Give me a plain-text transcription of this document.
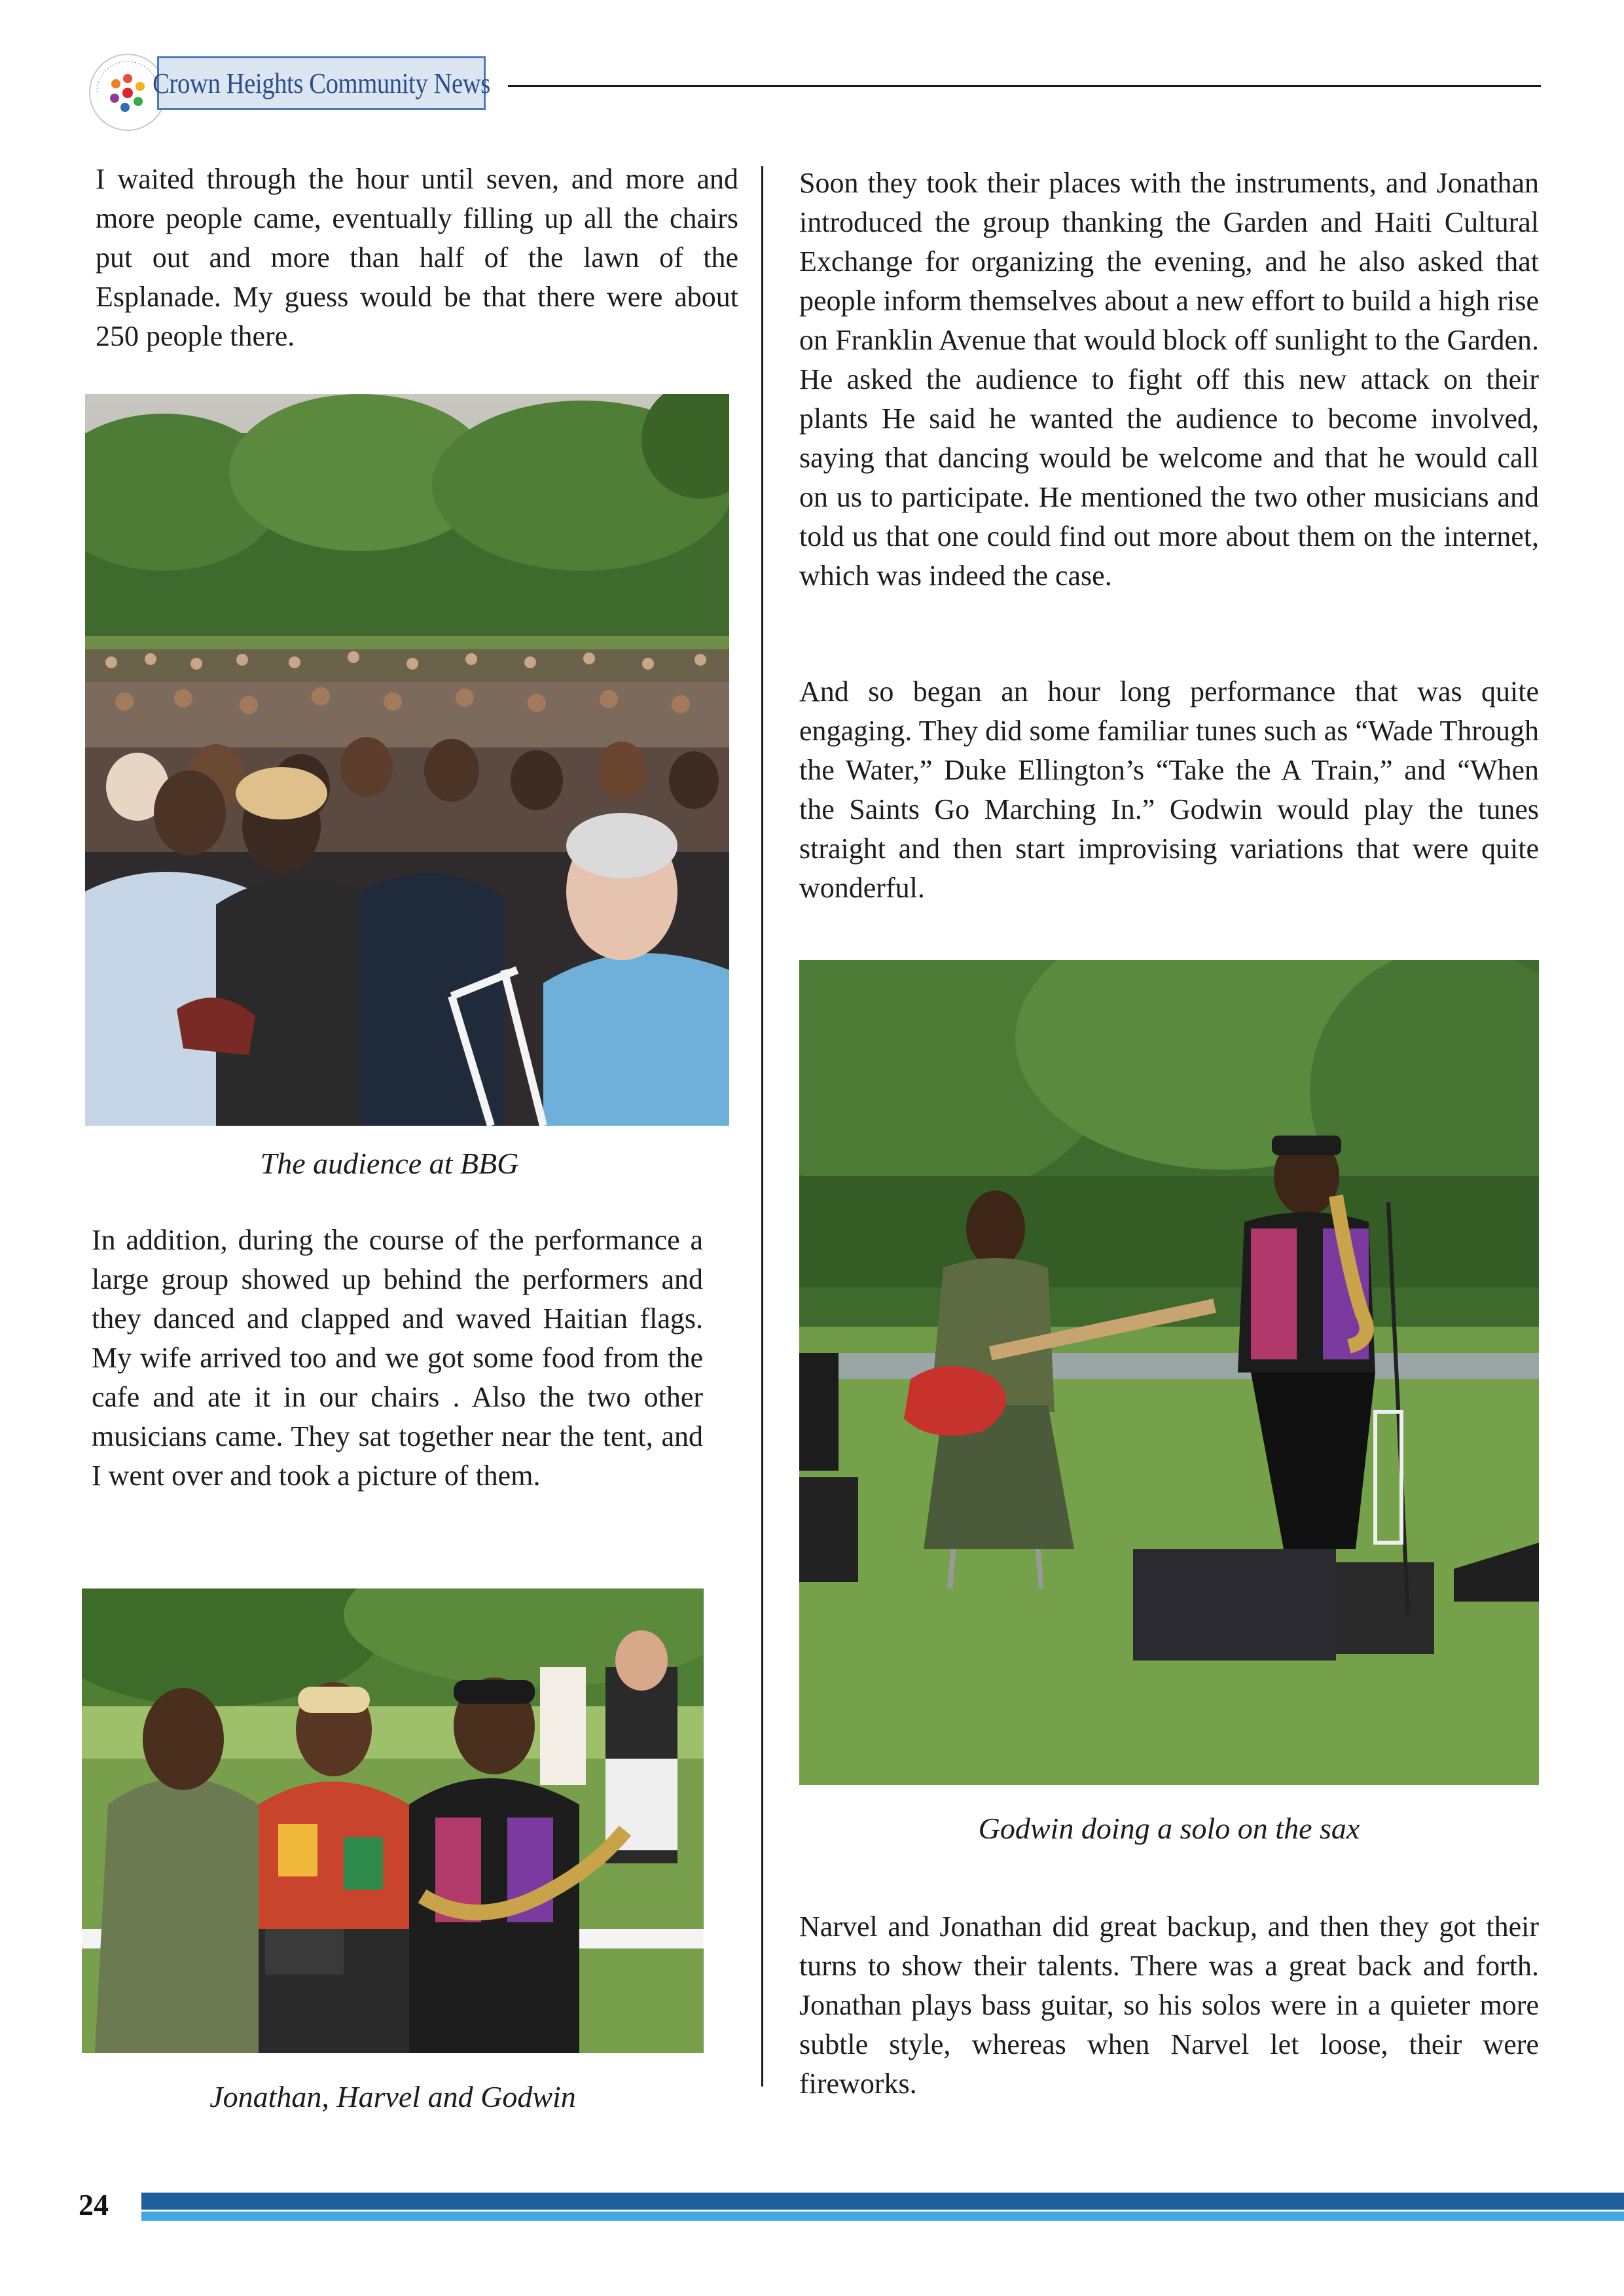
Crown Heights Community News

I waited through the hour until seven, and more and more people came, eventually filling up all the chairs put out and more than half of the lawn of the Esplanade. My guess would be that there were about 250 people there.

The audience at BBG

In addition, during the course of the performance a large group showed up behind the performers and they danced and clapped and waved Haitian flags. My wife arrived too and we got some food from the cafe and ate it in our chairs . Also the two other musicians came. They sat together near the tent, and I went over and took a picture of them.

Jonathan, Harvel and Godwin

Soon they took their places with the instruments, and Jonathan introduced the group thanking the Garden and Haiti Cultural Exchange for organizing the evening, and he also asked that people inform themselves about a new effort to build a high rise on Franklin Avenue that would block off sunlight to the Garden. He asked the audience to fight off this new attack on their plants He said he wanted the audience to become involved, saying that dancing would be welcome and that he would call on us to participate. He mentioned the two other musicians and told us that one could find out more about them on the internet, which was indeed the case.

And so began an hour long performance that was quite engaging. They did some familiar tunes such as “Wade Through the Water,” Duke Ellington’s “Take the A Train,” and “When the Saints Go Marching In.” Godwin would play the tunes straight and then start improvising variations that were quite wonderful.

Godwin doing a solo on the sax

Narvel and Jonathan did great backup, and then they got their turns to show their talents. There was a great back and forth. Jonathan plays bass guitar, so his solos were in a quieter more subtle style, whereas when Narvel let loose, their were fireworks.

24
